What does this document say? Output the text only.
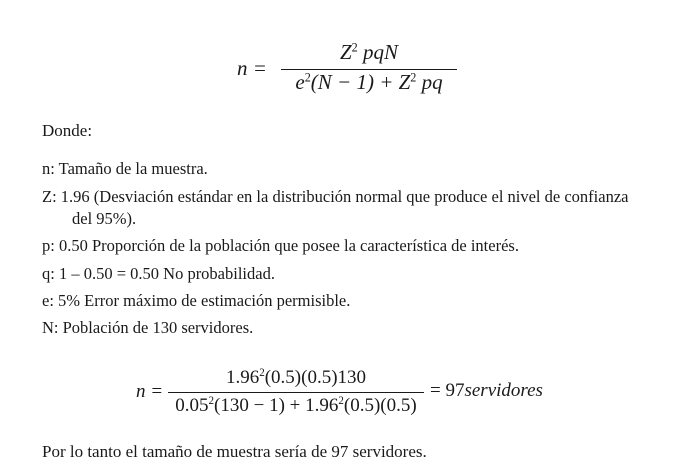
n =
$Z^2$ pqN
$e^2(N - 1) + Z^2$ pq
Donde:
n: Tamaño de la muestra.
Z: 1.96 (Desviación estándar en la distribución normal que produce el nivel de confianza
del 95%).
p: 0.50 Proporción de la población que posee la característica de interés.
q: 1 – 0.50 = 0.50 No probabilidad.
e: 5% Error máximo de estimación permisible.
N: Población de 130 servidores.
n =
$1.96^2(0.5)(0.5)130$
$0.05^2(130 - 1) + 1.96^2(0.5)(0.5)$
= 97servidores
Por lo tanto el tamaño de muestra sería de 97 servidores.
